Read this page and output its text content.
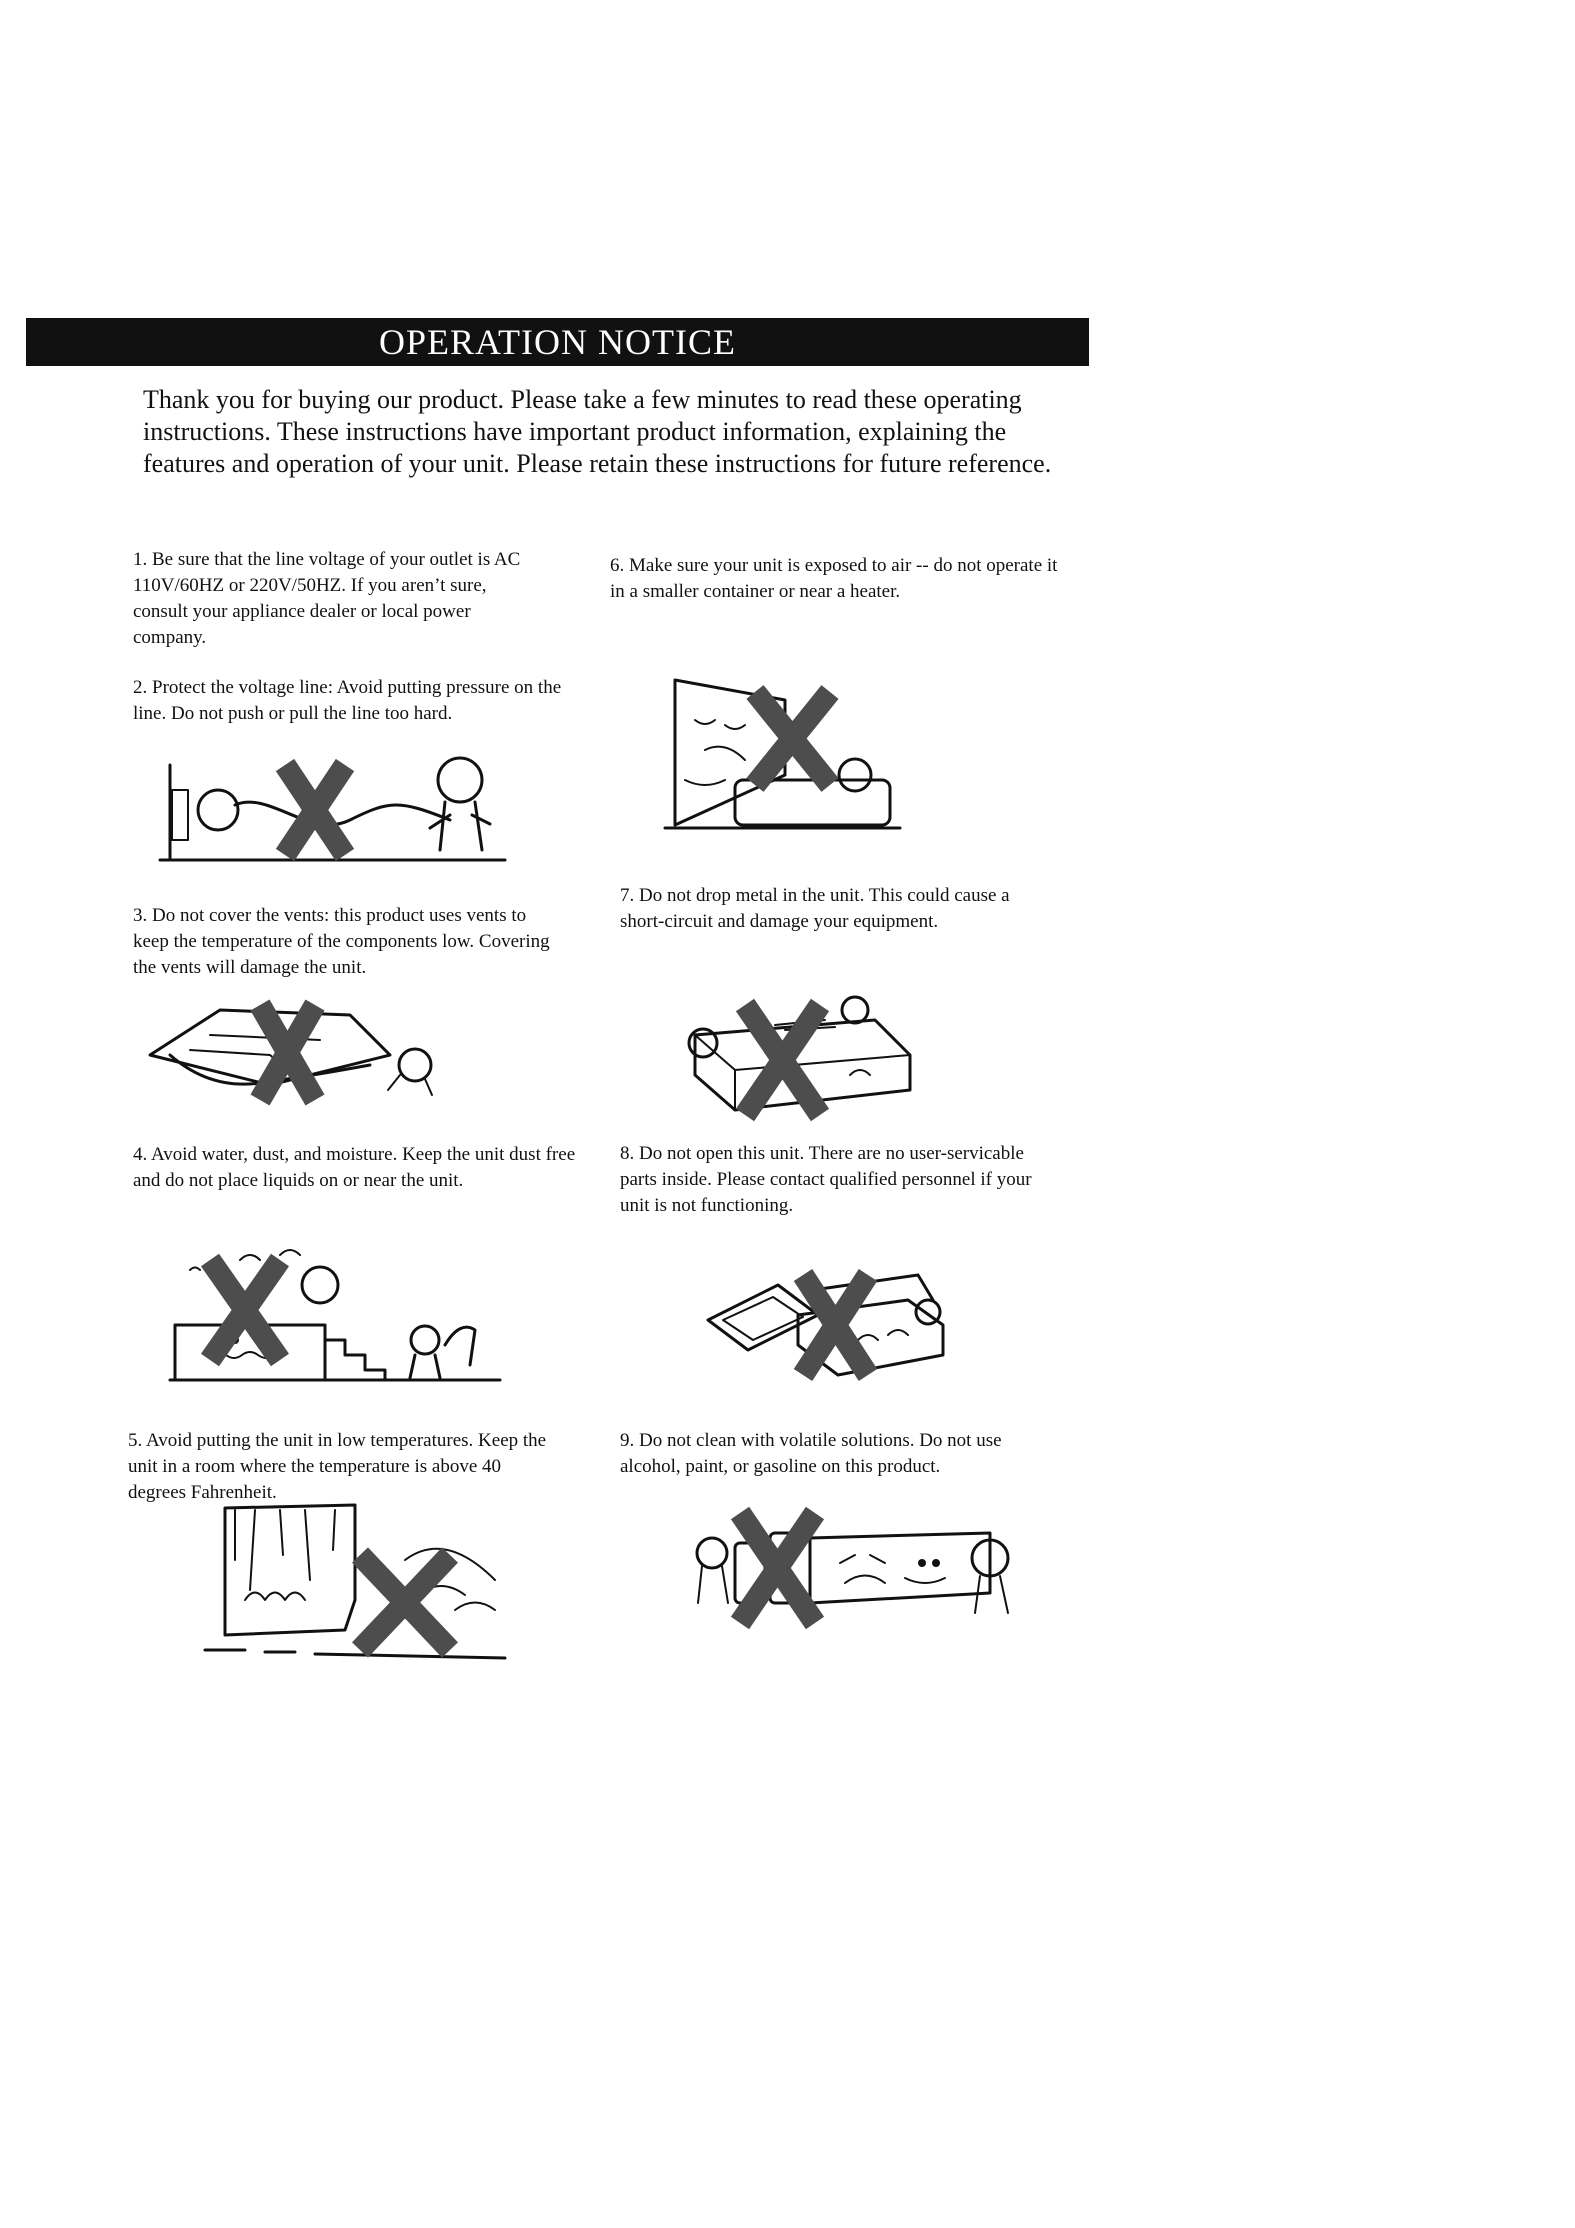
OPERATION NOTICE

Thank you for buying our product. Please take a few minutes to read these operating instructions. These instructions have important product information, explaining the features and operation of your unit. Please retain these instructions for future reference.

1. Be sure that the line voltage of your outlet is AC 110V/60HZ or 220V/50HZ. If you aren’t sure, consult your appliance dealer or local power company.

2. Protect the voltage line: Avoid putting pressure on the line. Do not push or pull the line too hard.

3. Do not cover the vents: this product uses vents to keep the temperature of the components low. Covering the vents will damage the unit.

4. Avoid water, dust, and moisture. Keep the unit dust free and do not place liquids on or near the unit.

5. Avoid putting the unit in low temperatures. Keep the unit in a room where the temperature is above 40 degrees Fahrenheit.

6. Make sure your unit is exposed to air -- do not operate it in a smaller container or near a heater.

7. Do not drop metal in the unit. This could cause a short-circuit and damage your equipment.

8. Do not open this unit. There are no user-servicable parts inside. Please contact qualified personnel if your unit is not functioning.

9. Do not clean with volatile solutions. Do not use alcohol, paint, or gasoline on this product.
